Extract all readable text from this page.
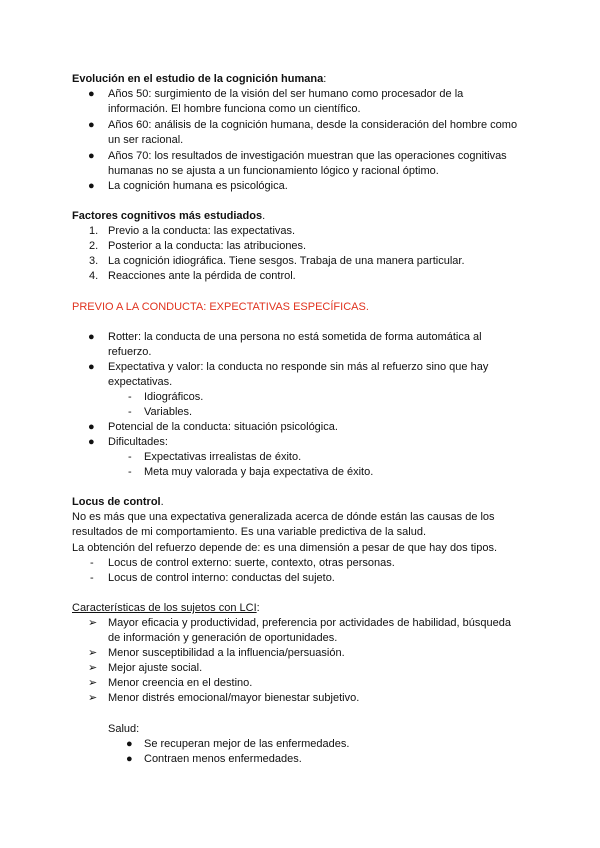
Evolución en el estudio de la cognición humana:
● Años 50: surgimiento de la visión del ser humano como procesador de la
información. El hombre funciona como un científico.
● Años 60: análisis de la cognición humana, desde la consideración del hombre como
un ser racional.
● Años 70: los resultados de investigación muestran que las operaciones cognitivas
humanas no se ajusta a un funcionamiento lógico y racional óptimo.
● La cognición humana es psicológica.
Factores cognitivos más estudiados.
1. Previo a la conducta: las expectativas.
2. Posterior a la conducta: las atribuciones.
3. La cognición idiográfica. Tiene sesgos. Trabaja de una manera particular.
4. Reacciones ante la pérdida de control.
PREVIO A LA CONDUCTA: EXPECTATIVAS ESPECÍFICAS.
● Rotter: la conducta de una persona no está sometida de forma automática al
refuerzo.
● Expectativa y valor: la conducta no responde sin más al refuerzo sino que hay
expectativas.
- Idiográficos.
- Variables.
● Potencial de la conducta: situación psicológica.
● Dificultades:
- Expectativas irrealistas de éxito.
- Meta muy valorada y baja expectativa de éxito.
Locus de control.
No es más que una expectativa generalizada acerca de dónde están las causas de los
resultados de mi comportamiento. Es una variable predictiva de la salud.
La obtención del refuerzo depende de: es una dimensión a pesar de que hay dos tipos.
- Locus de control externo: suerte, contexto, otras personas.
- Locus de control interno: conductas del sujeto.
Características de los sujetos con LCI:
➢ Mayor eficacia y productividad, preferencia por actividades de habilidad, búsqueda
de información y generación de oportunidades.
➢ Menor susceptibilidad a la influencia/persuasión.
➢ Mejor ajuste social.
➢ Menor creencia en el destino.
➢ Menor distrés emocional/mayor bienestar subjetivo.
Salud:
● Se recuperan mejor de las enfermedades.
● Contraen menos enfermedades.
